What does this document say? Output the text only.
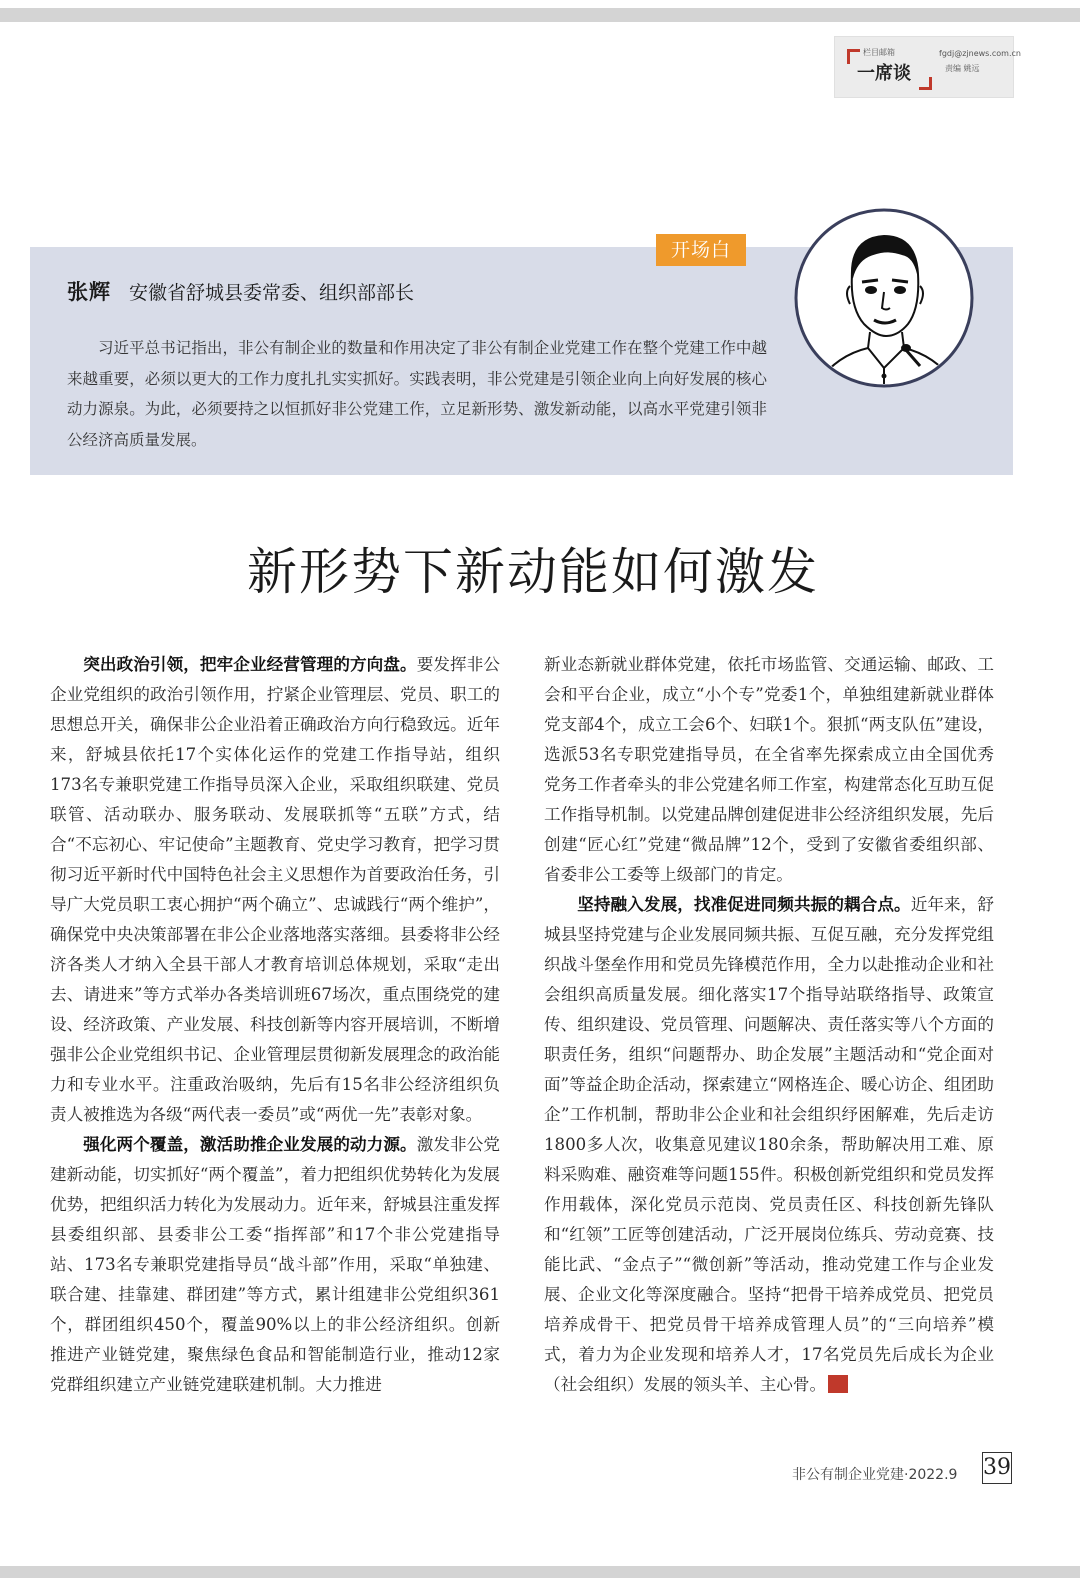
栏目邮箱
一席谈
fgdj@zjnews.com.cn
责编 姚远
开场白
张辉 安徽省舒城县委常委、组织部部长

习近平总书记指出，非公有制企业的数量和作用决定了非公有制企业党建工作在整个党建工作中越来越重要，必须以更大的工作力度扎扎实实抓好。实践表明，非公党建是引领企业向上向好发展的核心动力源泉。为此，必须要持之以恒抓好非公党建工作，立足新形势、激发新动能，以高水平党建引领非公经济高质量发展。

新形势下新动能如何激发

突出政治引领，把牢企业经营管理的方向盘。要发挥非公企业党组织的政治引领作用，拧紧企业管理层、党员、职工的思想总开关，确保非公企业沿着正确政治方向行稳致远。近年来，舒城县依托17个实体化运作的党建工作指导站，组织173名专兼职党建工作指导员深入企业，采取组织联建、党员联管、活动联办、服务联动、发展联抓等“五联”方式，结合“不忘初心、牢记使命”主题教育、党史学习教育，把学习贯彻习近平新时代中国特色社会主义思想作为首要政治任务，引导广大党员职工衷心拥护“两个确立”、忠诚践行“两个维护”，确保党中央决策部署在非公企业落地落实落细。县委将非公经济各类人才纳入全县干部人才教育培训总体规划，采取“走出去、请进来”等方式举办各类培训班67场次，重点围绕党的建设、经济政策、产业发展、科技创新等内容开展培训，不断增强非公企业党组织书记、企业管理层贯彻新发展理念的政治能力和专业水平。注重政治吸纳，先后有15名非公经济组织负责人被推选为各级“两代表一委员”或“两优一先”表彰对象。

强化两个覆盖，激活助推企业发展的动力源。激发非公党建新动能，切实抓好“两个覆盖”，着力把组织优势转化为发展优势，把组织活力转化为发展动力。近年来，舒城县注重发挥县委组织部、县委非公工委“指挥部”和17个非公党建指导站、173名专兼职党建指导员“战斗部”作用，采取“单独建、联合建、挂靠建、群团建”等方式，累计组建非公党组织361个，群团组织450个，覆盖90%以上的非公经济组织。创新推进产业链党建，聚焦绿色食品和智能制造行业，推动12家党群组织建立产业链党建联建机制。大力推进

新业态新就业群体党建，依托市场监管、交通运输、邮政、工会和平台企业，成立“小个专”党委1个，单独组建新就业群体党支部4个，成立工会6个、妇联1个。狠抓“两支队伍”建设，选派53名专职党建指导员，在全省率先探索成立由全国优秀党务工作者牵头的非公党建名师工作室，构建常态化互助互促工作指导机制。以党建品牌创建促进非公经济组织发展，先后创建“匠心红”党建“微品牌”12个，受到了安徽省委组织部、省委非公工委等上级部门的肯定。

坚持融入发展，找准促进同频共振的耦合点。近年来，舒城县坚持党建与企业发展同频共振、互促互融，充分发挥党组织战斗堡垒作用和党员先锋模范作用，全力以赴推动企业和社会组织高质量发展。细化落实17个指导站联络指导、政策宣传、组织建设、党员管理、问题解决、责任落实等八个方面的职责任务，组织“问题帮办、助企发展”主题活动和“党企面对面”等益企助企活动，探索建立“网格连企、暖心访企、组团助企”工作机制，帮助非公企业和社会组织纾困解难，先后走访1800多人次，收集意见建议180余条，帮助解决用工难、原料采购难、融资难等问题155件。积极创新党组织和党员发挥作用载体，深化党员示范岗、党员责任区、科技创新先锋队和“红领”工匠等创建活动，广泛开展岗位练兵、劳动竞赛、技能比武、“金点子”“微创新”等活动，推动党建工作与企业发展、企业文化等深度融合。坚持“把骨干培养成党员、把党员培养成骨干、把党员骨干培养成管理人员”的“三向培养”模式，着力为企业发现和培养人才，17名党员先后成长为企业（社会组织）发展的领头羊、主心骨。

非公有制企业党建·2022.9 39
